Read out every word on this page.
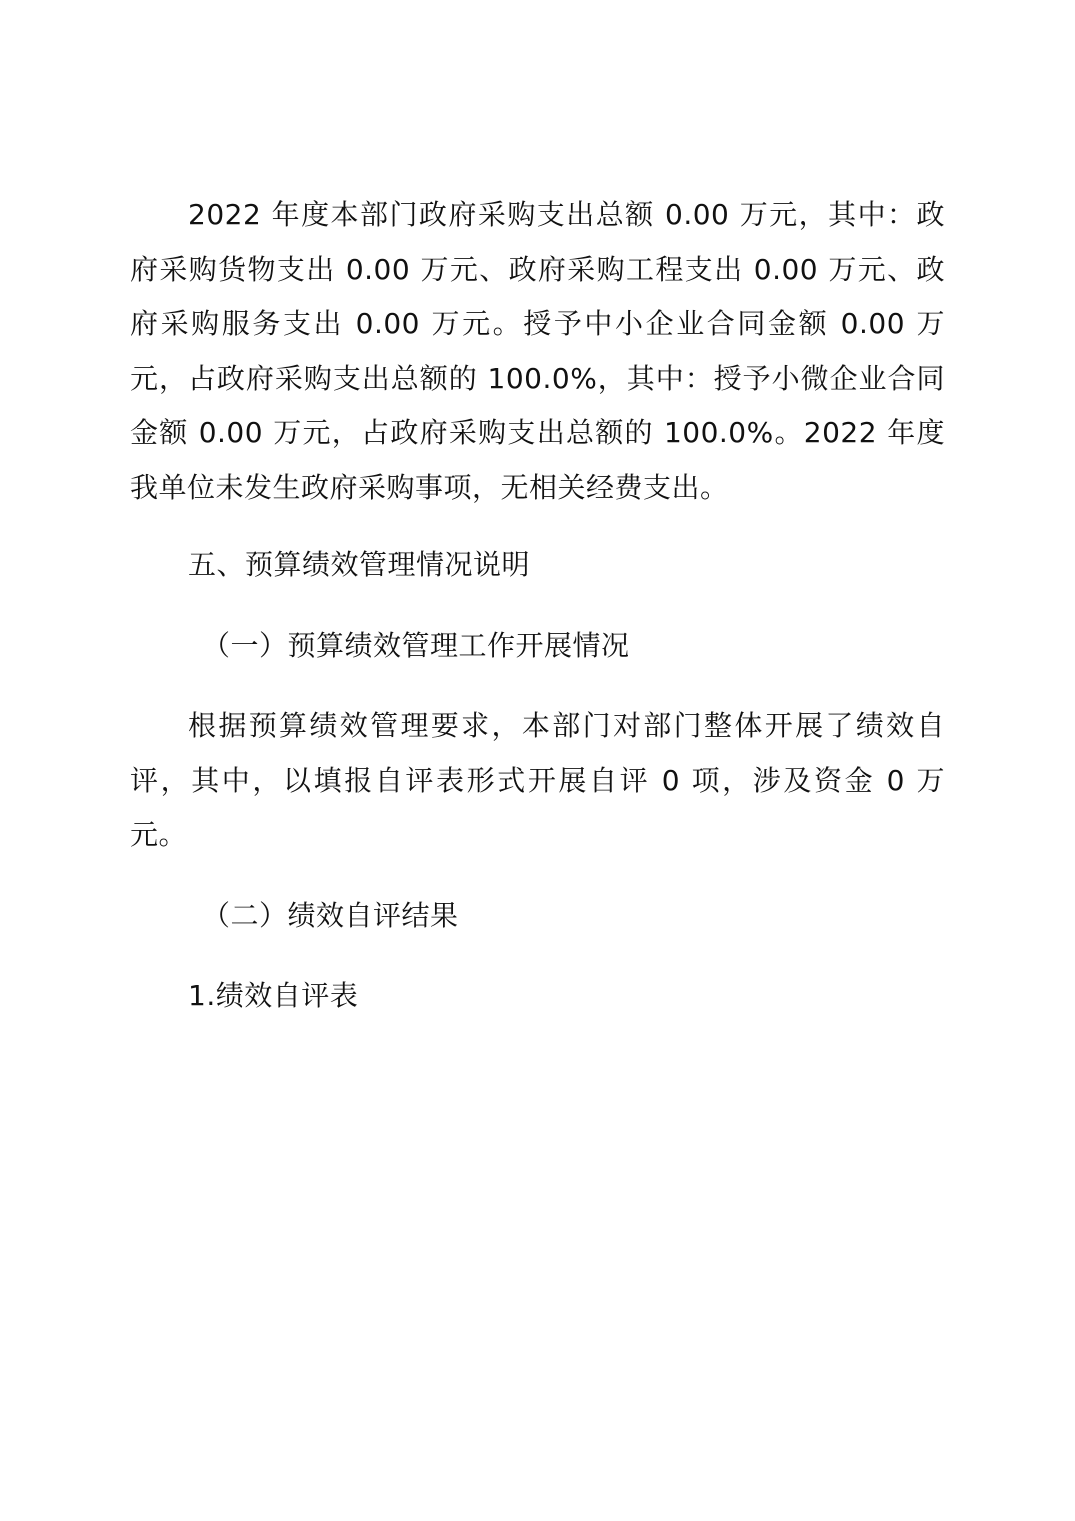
2022 年度本部门政府采购支出总额 0.00 万元，其中：政府采购货物支出 0.00 万元、政府采购工程支出 0.00 万元、政府采购服务支出 0.00 万元。授予中小企业合同金额 0.00 万元，占政府采购支出总额的 100.0%，其中：授予小微企业合同金额 0.00 万元，占政府采购支出总额的 100.0%。2022 年度我单位未发生政府采购事项，无相关经费支出。

五、预算绩效管理情况说明

（一）预算绩效管理工作开展情况

根据预算绩效管理要求，本部门对部门整体开展了绩效自评，其中，以填报自评表形式开展自评 0 项，涉及资金 0 万元。

（二）绩效自评结果

1.绩效自评表
